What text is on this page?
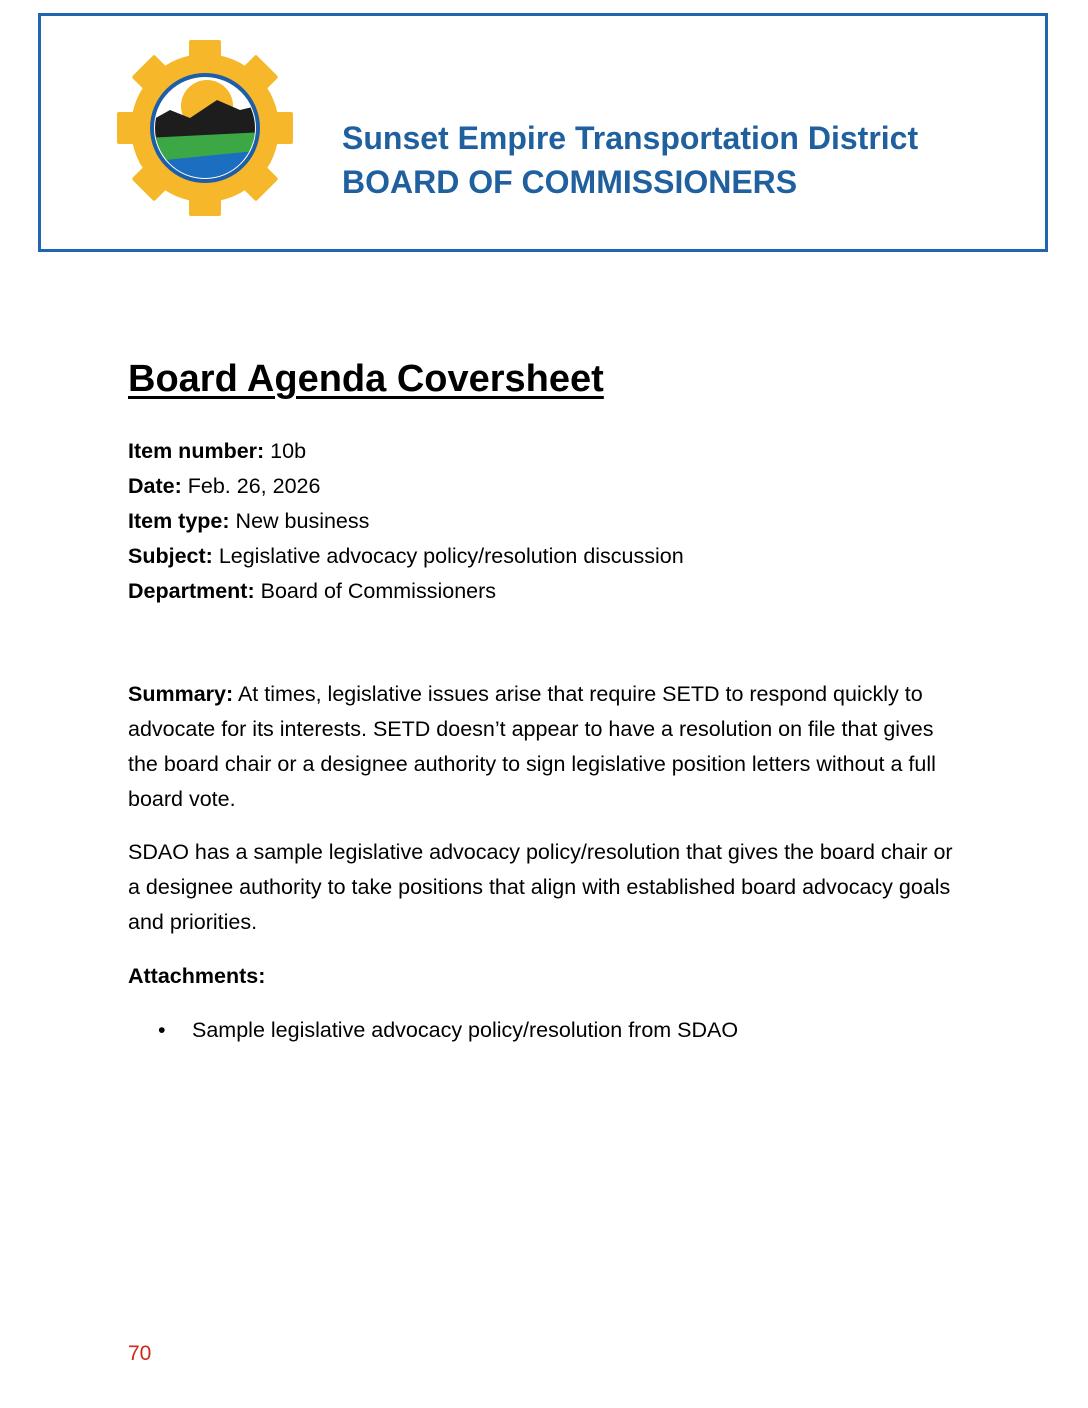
Sunset Empire Transportation District
BOARD OF COMMISSIONERS
Board Agenda Coversheet
Item number: 10b
Date: Feb. 26, 2026
Item type: New business
Subject: Legislative advocacy policy/resolution discussion
Department: Board of Commissioners

Summary: At times, legislative issues arise that require SETD to respond quickly to advocate for its interests. SETD doesn’t appear to have a resolution on file that gives the board chair or a designee authority to sign legislative position letters without a full board vote.

SDAO has a sample legislative advocacy policy/resolution that gives the board chair or a designee authority to take positions that align with established board advocacy goals and priorities.

Attachments:
• Sample legislative advocacy policy/resolution from SDAO
70
